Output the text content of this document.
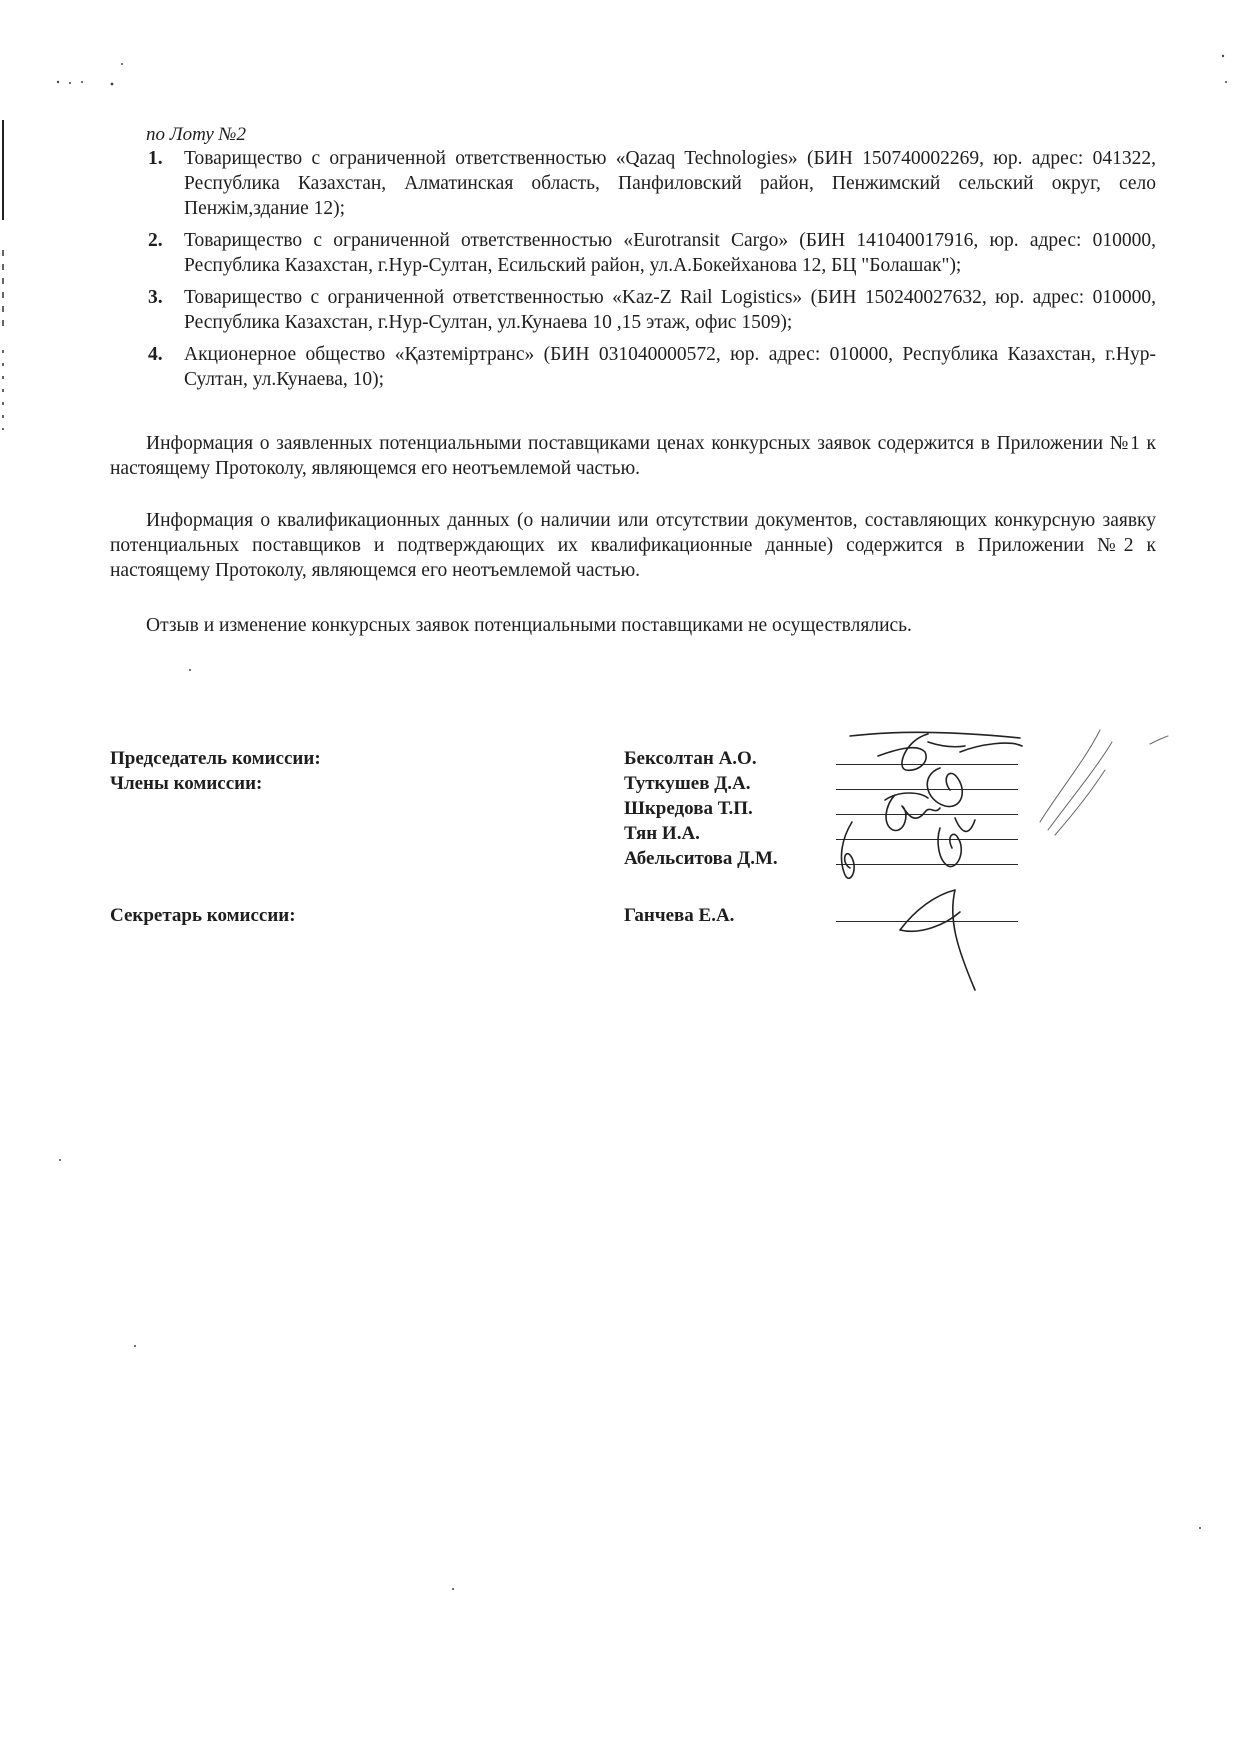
по Лоту №2
1. Товарищество с ограниченной ответственностью «Qazaq Technologies» (БИН 150740002269, юр. адрес: 041322, Республика Казахстан, Алматинская область, Панфиловский район, Пенжимский сельский округ, село Пенжім,здание 12);
2. Товарищество с ограниченной ответственностью «Eurotransit Cargo» (БИН 141040017916, юр. адрес: 010000, Республика Казахстан, г.Нур-Султан, Есильский район, ул.А.Бокейханова 12, БЦ "Болашак");
3. Товарищество с ограниченной ответственностью «Kaz-Z Rail Logistics» (БИН 150240027632, юр. адрес: 010000, Республика Казахстан, г.Нур-Султан, ул.Кунаева 10 ,15 этаж, офис 1509);
4. Акционерное общество «Қазтеміртранс» (БИН 031040000572, юр. адрес: 010000, Республика Казахстан, г.Нур-Султан, ул.Кунаева, 10);

Информация о заявленных потенциальными поставщиками ценах конкурсных заявок содержится в Приложении №1 к настоящему Протоколу, являющемся его неотъемлемой частью.

Информация о квалификационных данных (о наличии или отсутствии документов, составляющих конкурсную заявку потенциальных поставщиков и подтверждающих их квалификационные данные) содержится в Приложении №2 к настоящему Протоколу, являющемся его неотъемлемой частью.

Отзыв и изменение конкурсных заявок потенциальными поставщиками не осуществлялись.

Председатель комиссии:
Члены комиссии:
Секретарь комиссии:
Бексолтан А.О.
Туткушев Д.А.
Шкредова Т.П.
Тян И.А.
Абельситова Д.М.
Ганчева Е.А.
